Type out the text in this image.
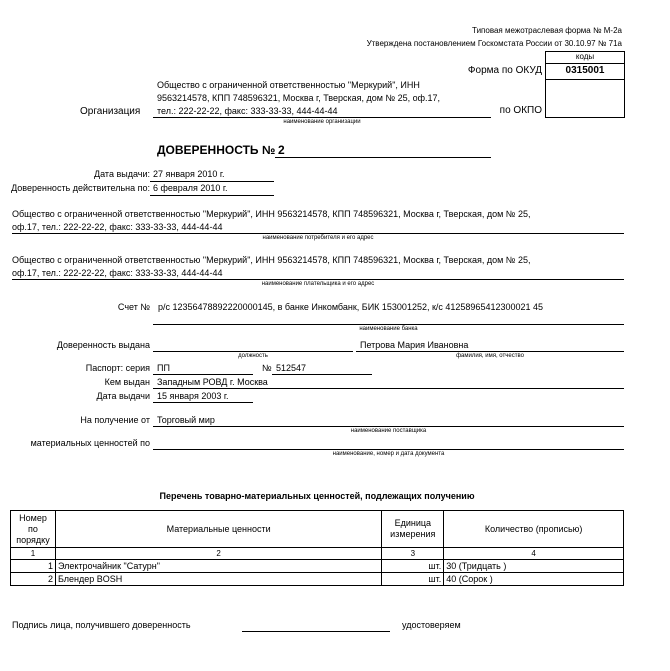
Типовая межотраслевая форма № М-2а
Утверждена постановлением Госкомстата России от 30.10.97 № 71а
коды
0315001
Форма по ОКУД
по ОКПО
Организация
Общество с ограниченной ответственностью "Меркурий", ИНН
9563214578, КПП 748596321, Москва г, Тверская, дом № 25, оф.17,
тел.: 222-22-22, факс: 333-33-33, 444-44-44
наименование организации
ДОВЕРЕННОСТЬ № 2
Дата выдачи: 27 января 2010 г.
Доверенность действительна по: 6 февраля 2010 г.
Общество с ограниченной ответственностью "Меркурий", ИНН 9563214578, КПП 748596321, Москва г, Тверская, дом № 25,
оф.17, тел.: 222-22-22, факс: 333-33-33, 444-44-44
наименование потребителя и его адрес
Общество с ограниченной ответственностью "Меркурий", ИНН 9563214578, КПП 748596321, Москва г, Тверская, дом № 25,
оф.17, тел.: 222-22-22, факс: 333-33-33, 444-44-44
наименование плательщика и его адрес
Счет № р/с 12356478892220000145, в банке Инкомбанк, БИК 153001252, к/с 41258965412300021 45
наименование банка
Доверенность выдана
должность
Петрова Мария Ивановна
фамилия, имя, отчество
Паспорт: серия ПП	№ 512547
Кем выдан Западным РОВД г. Москва
Дата выдачи 15 января 2003 г.
На получение от Торговый мир
наименование поставщика
материальных ценностей по
наименование, номер и дата документа
Перечень товарно-материальных ценностей, подлежащих получению
Номер по порядку	Материальные ценности	Единица измерения	Количество (прописью)
1	2	3	4
1	Электрочайник "Сатурн"	шт.	30 (Тридцать )
2	Блендер BOSH	шт.	40 (Сорок )
Подпись лица, получившего доверенность	удостоверяем
